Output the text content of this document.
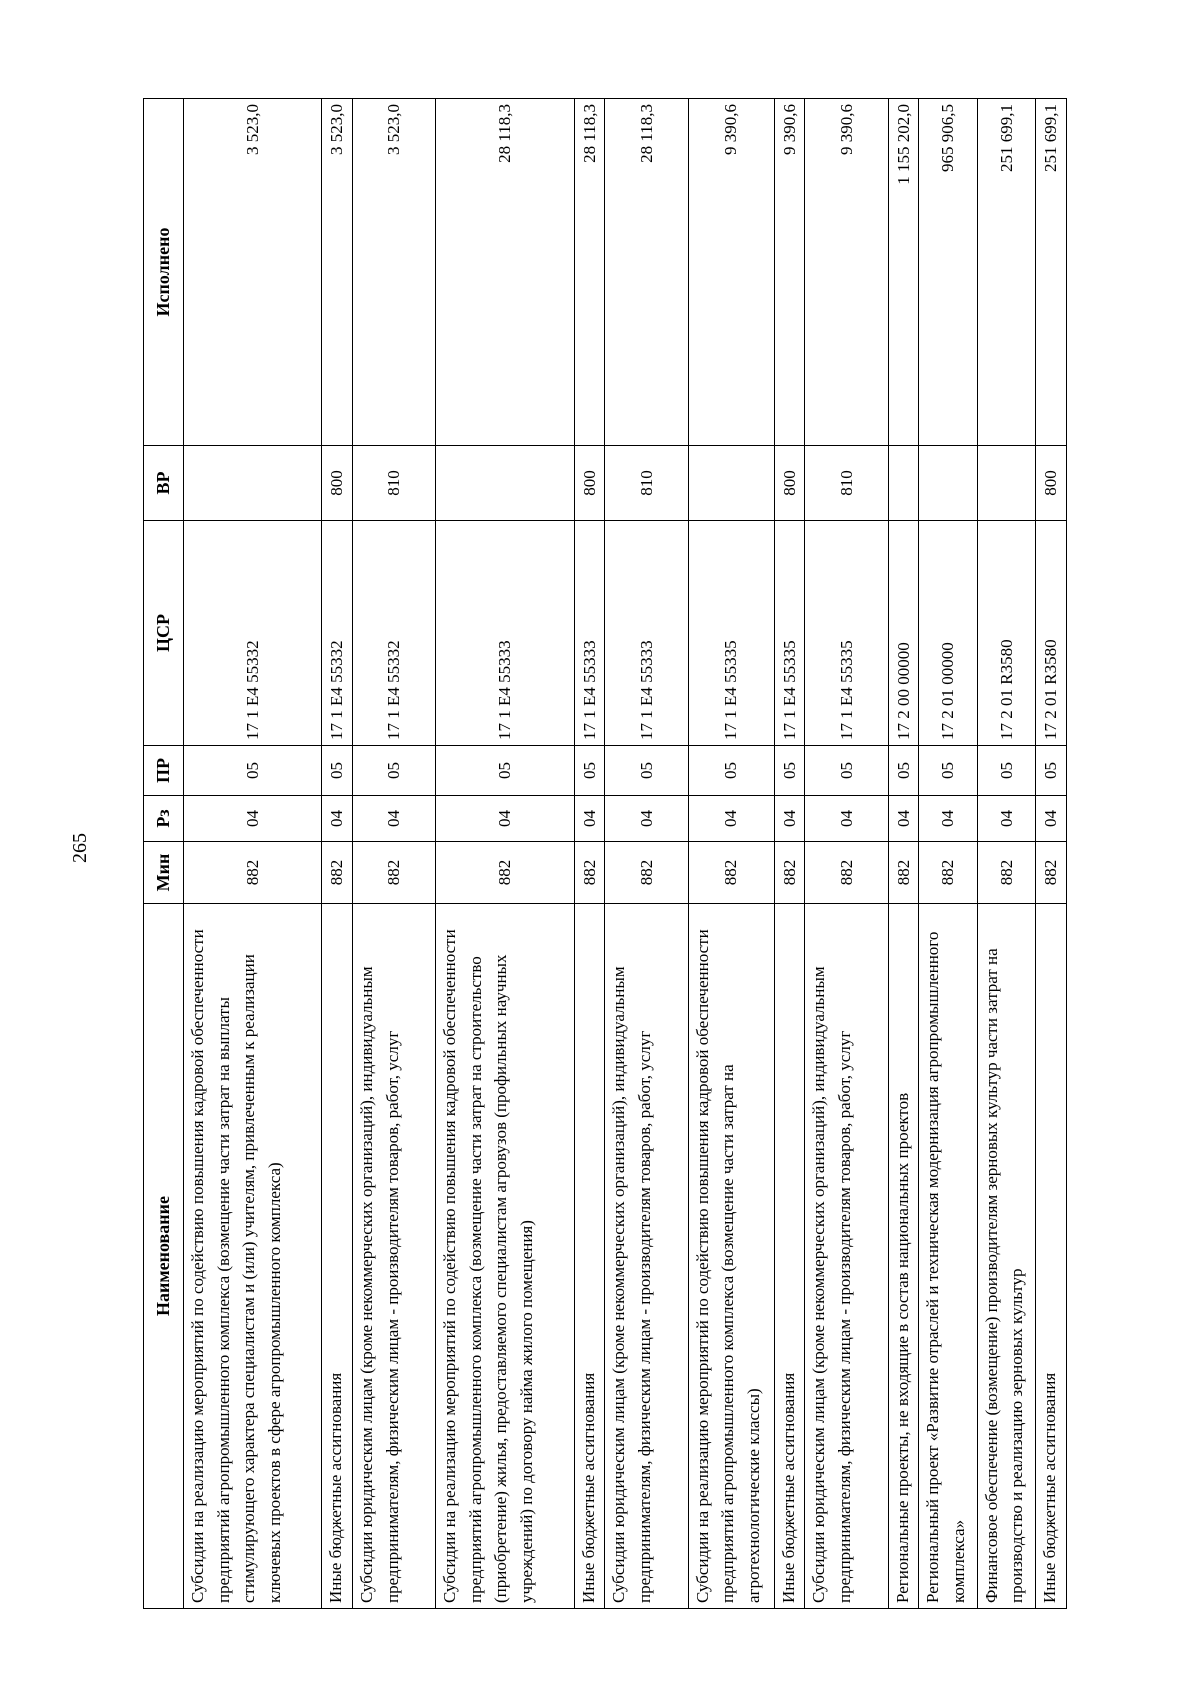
265
Наименование	Мин	Рз	ПР	ЦСР	ВР	Исполнено
Субсидии на реализацию мероприятий по содействию повышения кадровой обеспеченности предприятий агропромышленного комплекса (возмещение части затрат на выплаты стимулирующего характера специалистам и (или) учителям, привлеченным к реализации ключевых проектов в сфере агропромышленного комплекса)	882	04	05	17 1 E4 55332		3 523,0
Иные бюджетные ассигнования	882	04	05	17 1 E4 55332	800	3 523,0
Субсидии юридическим лицам (кроме некоммерческих организаций), индивидуальным предпринимателям, физическим лицам - производителям товаров, работ, услуг	882	04	05	17 1 E4 55332	810	3 523,0
Субсидии на реализацию мероприятий по содействию повышения кадровой обеспеченности предприятий агропромышленного комплекса (возмещение части затрат на строительство (приобретение) жилья, предоставляемого специалистам агровузов (профильных научных учреждений) по договору найма жилого помещения)	882	04	05	17 1 E4 55333		28 118,3
Иные бюджетные ассигнования	882	04	05	17 1 E4 55333	800	28 118,3
Субсидии юридическим лицам (кроме некоммерческих организаций), индивидуальным предпринимателям, физическим лицам - производителям товаров, работ, услуг	882	04	05	17 1 E4 55333	810	28 118,3
Субсидии на реализацию мероприятий по содействию повышения кадровой обеспеченности предприятий агропромышленного комплекса (возмещение части затрат на агротехнологические классы)	882	04	05	17 1 E4 55335		9 390,6
Иные бюджетные ассигнования	882	04	05	17 1 E4 55335	800	9 390,6
Субсидии юридическим лицам (кроме некоммерческих организаций), индивидуальным предпринимателям, физическим лицам - производителям товаров, работ, услуг	882	04	05	17 1 E4 55335	810	9 390,6
Региональные проекты, не входящие в состав национальных проектов	882	04	05	17 2 00 00000		1 155 202,0
Региональный проект «Развитие отраслей и техническая модернизация агропромышленного комплекса»	882	04	05	17 2 01 00000		965 906,5
Финансовое обеспечение (возмещение) производителям зерновых культур части затрат на производство и реализацию зерновых культур	882	04	05	17 2 01 R3580		251 699,1
Иные бюджетные ассигнования	882	04	05	17 2 01 R3580	800	251 699,1
